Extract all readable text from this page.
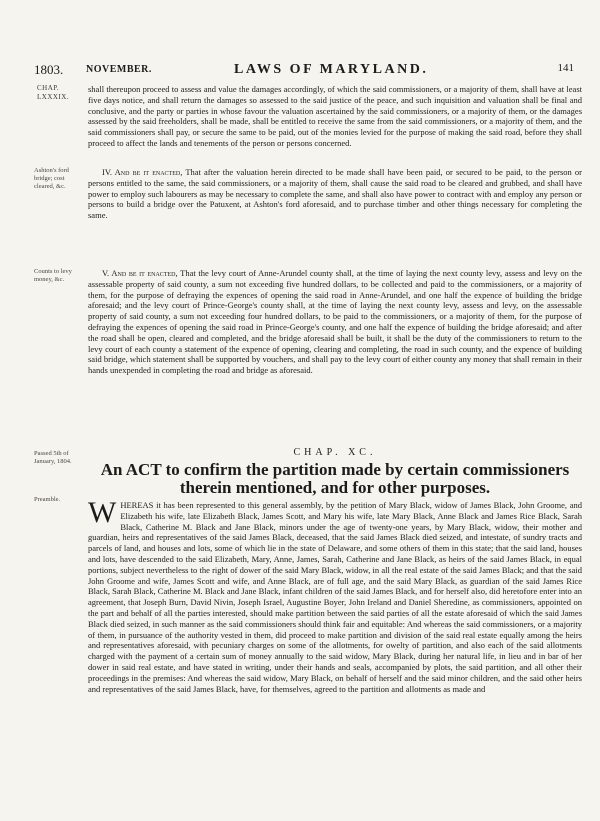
1803. NOVEMBER.	LAWS OF MARYLAND.	141
CHAP.
LXXXIX.

shall thereupon proceed to assess and value the damages accordingly, of which the said commissioners, or a majority of them, shall have at least five days notice, and shall return the damages so assessed to the said justice of the peace, and such inquisition and valuation shall be final and conclusive, and the party or parties in whose favour the valuation ascertained by the said commissioners, or a majority of them, or the damages assessed by the said freeholders, shall be made, shall be entitled to receive the same from the said commissioners, or a majority of them, and the said commissioners shall pay, or secure the same to be paid, out of the monies levied for the purpose of making the said road, before they shall proceed to affect the lands and tenements of the person or persons concerned.

Ashton's ford bridge; cost cleared, &c.

IV. And be it enacted, That after the valuation herein directed to be made shall have been paid, or secured to be paid, to the person or persons entitled to the same, the said commissioners, or a majority of them, shall cause the said road to be cleared and grubbed, and shall have power to employ such labourers as may be necessary to complete the same, and shall also have power to contract with and employ any person or persons to build a bridge over the Patuxent, at Ashton's ford aforesaid, and to purchase timber and other things necessary for completing the same.

Counts to levy money, &c.

V. And be it enacted, That the levy court of Anne-Arundel county shall, at the time of laying the next county levy, assess and levy on the assessable property of said county, a sum not exceeding five hundred dollars, to be collected and paid to the commissioners, or a majority of them, for the purpose of defraying the expences of opening the said road in Anne-Arundel, and one half the expence of building the bridge aforesaid; and the levy court of Prince-George's county shall, at the time of laying the next county levy, assess and levy, on the assessable property of said county, a sum not exceeding four hundred dollars, to be paid to the commissioners, or a majority of them, for the purpose of defraying the expences of opening the said road in Prince-George's county, and one half the expence of building the bridge aforesaid; and after the road shall be open, cleared and completed, and the bridge aforesaid shall be built, it shall be the duty of the commissioners to return to the levy court of each county a statement of the expence of opening, clearing and completing, the road in such county, and the expence of building said bridge, which statement shall be supported by vouchers, and shall pay to the levy court of either county any money that shall remain in their hands unexpended in completing the road and bridge as aforesaid.

CHAP. XC.
Passed 5th of January, 1804.	An ACT to confirm the partition made by certain commissioners therein mentioned, and for other purposes.
Preamble. WHEREAS it has been represented to this general assembly, by the petition of Mary Black, widow of James Black, John Groome, and Elizabeth his wife, late Elizabeth Black, James Scott, and Mary his wife, late Mary Black, Anne Black and James Rice Black, Sarah Black, Catherine M. Black and Jane Black, minors under the age of twenty-one years, by Mary Black, widow, their mother and guardian, heirs and representatives of the said James Black, deceased, that the said James Black died seized, and intestate, of sundry tracts and parcels of land, and houses and lots, some of which lie in the state of Delaware, and some others of them in this state; that the said land, houses and lots, have descended to the said Elizabeth, Mary, Anne, James, Sarah, Catherine and Jane Black, as heirs of the said James Black, in equal portions, subject nevertheless to the right of dower of the said Mary Black, widow, in all the real estate of the said James Black; and that the said John Groome and wife, James Scott and wife, and Anne Black, are of full age, and the said Mary Black, as guardian of the said James Rice Black, Sarah Black, Catherine M. Black and Jane Black, infant children of the said James Black, and for herself also, did heretofore enter into an agreement, that Joseph Burn, David Nivin, Joseph Israel, Augustine Boyer, John Ireland and Daniel Sheredine, as commissioners, appointed on the part and behalf of all the parties interested, should make partition between the said parties of all the estate aforesaid of which the said James Black died seized, in such manner as the said commissioners should think fair and equitable: And whereas the said commissioners, or a majority of them, in pursuance of the authority vested in them, did proceed to make partition and division of the said real estate equally among the heirs and representatives aforesaid, with pecuniary charges on some of the allotments, for owelty of partition, and also each of the said allotments charged with the payment of a certain sum of money annually to the said widow, Mary Black, during her natural life, in lieu and in bar of her dower in said real estate, and have stated in writing, under their hands and seals, accompanied by plots, the said partition, and all other their proceedings in the premises: And whereas the said widow, Mary Black, on behalf of herself and the said minor children, and the said other heirs and representatives of the said James Black, have, for themselves, agreed to the partition and allotments as made and
